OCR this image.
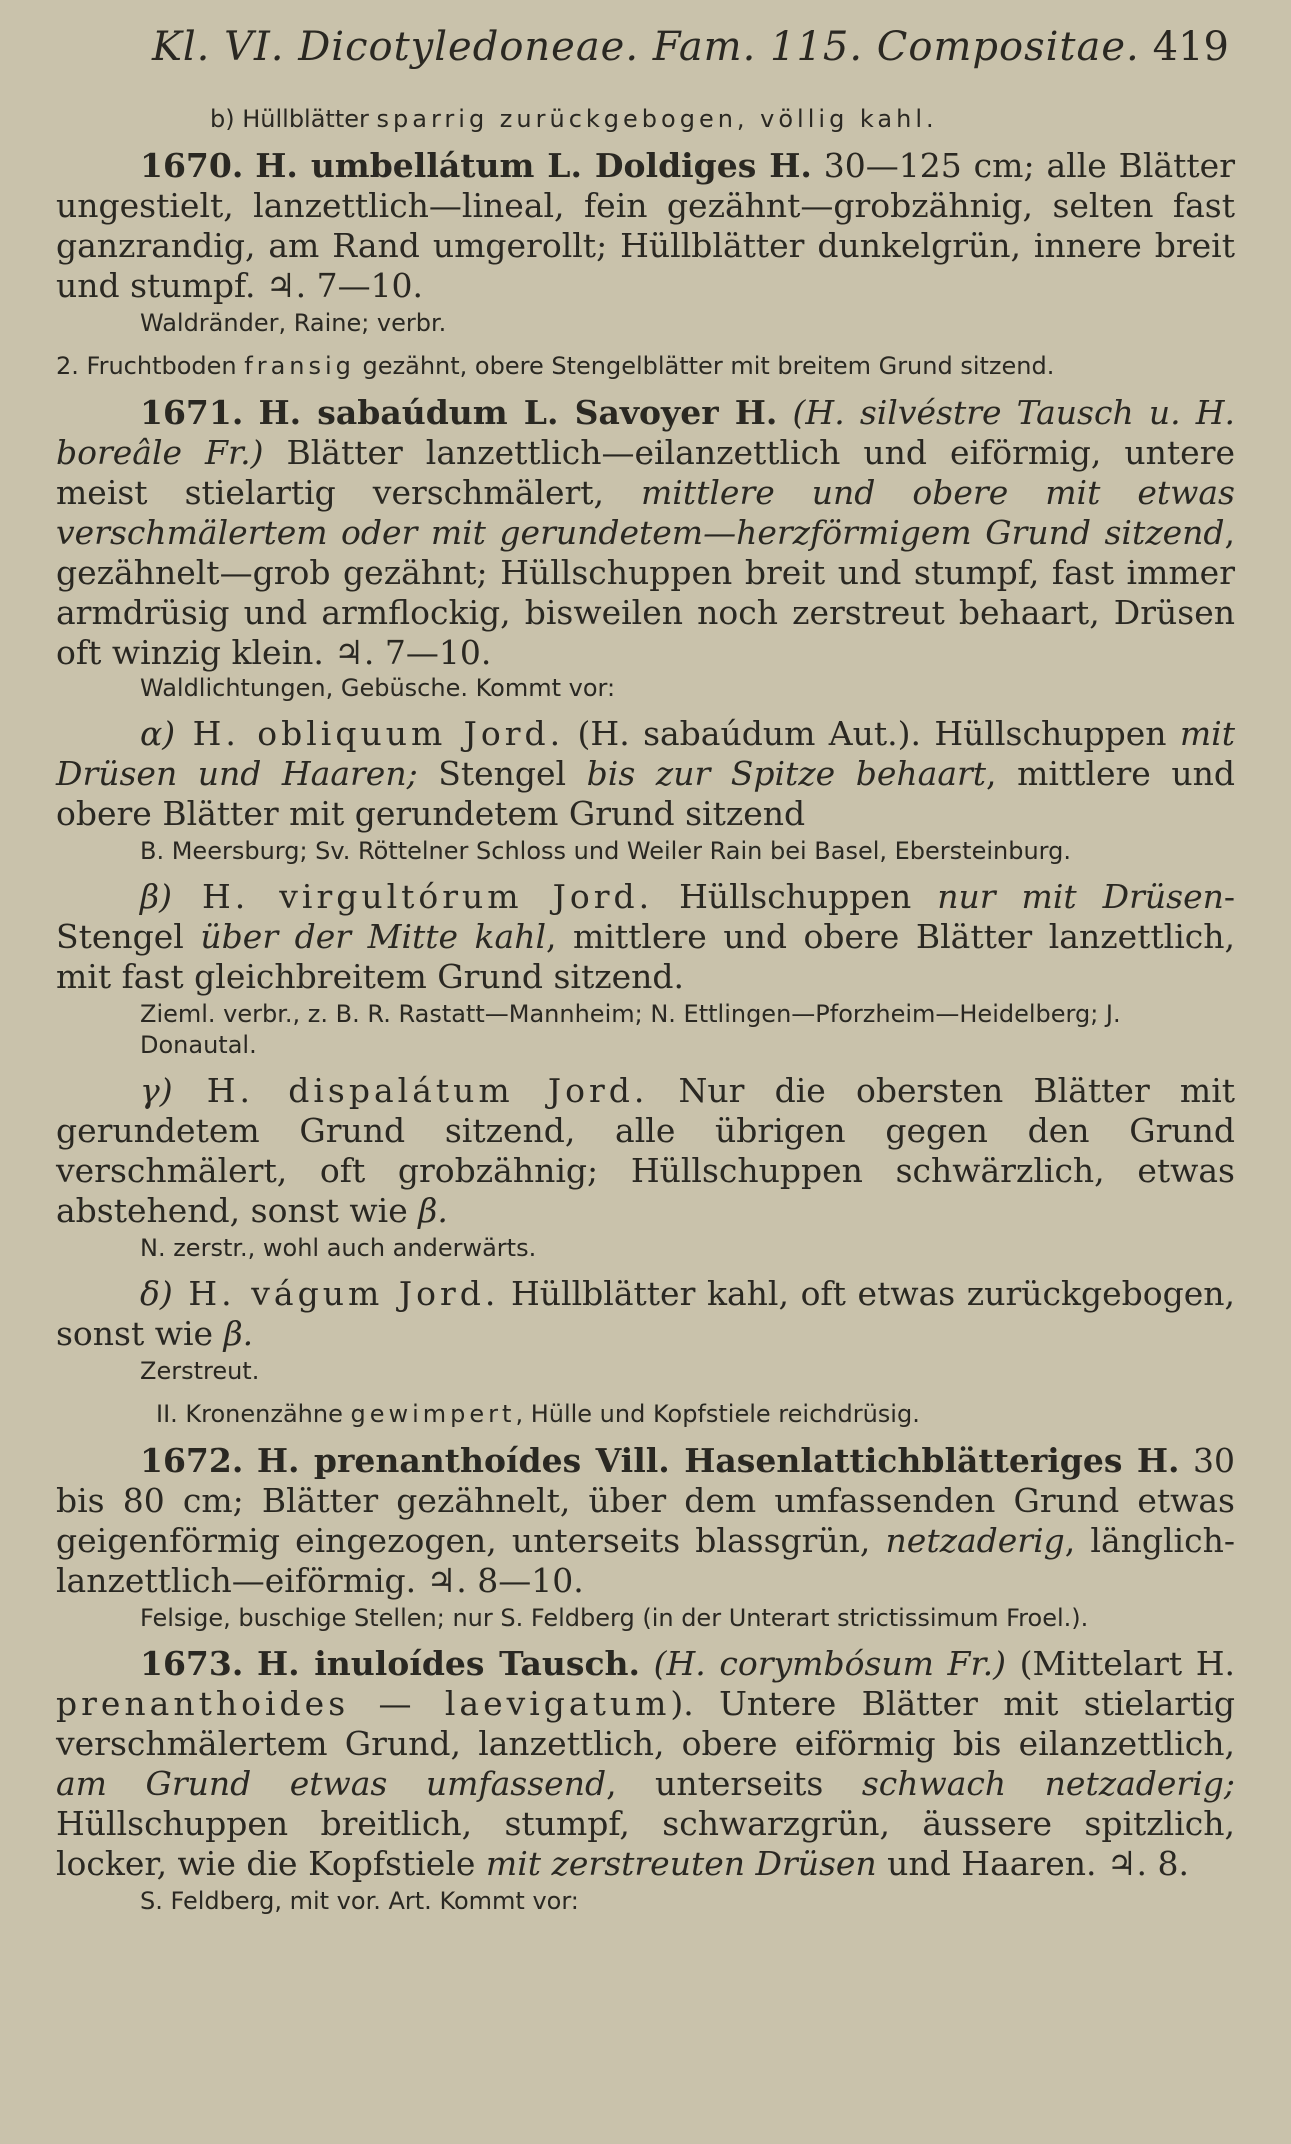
Kl. VI. Dicotyledoneae. Fam. 115. Compositae. 419

b) Hüllblätter sparrig zurückgebogen, völlig kahl.

1670. H. umbellátum L. Doldiges H. 30—125 cm; alle Blätter ungestielt, lanzettlich—lineal, fein gezähnt—grobzähnig, selten fast ganzrandig, am Rand umgerollt; Hüllblätter dunkelgrün, innere breit und stumpf. ♃. 7—10.

Waldränder, Raine; verbr.

2. Fruchtboden fransig gezähnt, obere Stengelblätter mit breitem Grund sitzend.

1671. H. sabaúdum L. Savoyer H. (H. silvéstre Tausch u. H. boreâle Fr.) Blätter lanzettlich—eilanzettlich und eiförmig, untere meist stielartig verschmälert, mittlere und obere mit etwas verschmälertem oder mit gerundetem—herzförmigem Grund sitzend, gezähnelt—grob gezähnt; Hüllschuppen breit und stumpf, fast immer armdrüsig und armflockig, bisweilen noch zerstreut behaart, Drüsen oft winzig klein. ♃. 7—10.

Waldlichtungen, Gebüsche. Kommt vor:

α) H. obliquum Jord. (H. sabaúdum Aut.). Hüllschuppen mit Drüsen und Haaren; Stengel bis zur Spitze behaart, mittlere und obere Blätter mit gerundetem Grund sitzend

B. Meersburg; Sv. Röttelner Schloss und Weiler Rain bei Basel, Ebersteinburg.

β) H. virgultórum Jord. Hüllschuppen nur mit Drüsen- Stengel über der Mitte kahl, mittlere und obere Blätter lanzettlich, mit fast gleichbreitem Grund sitzend.

Zieml. verbr., z. B. R. Rastatt—Mannheim; N. Ettlingen—Pforzheim—Heidelberg; J. Donautal.

γ) H. dispalátum Jord. Nur die obersten Blätter mit gerundetem Grund sitzend, alle übrigen gegen den Grund verschmälert, oft grobzähnig; Hüllschuppen schwärzlich, etwas abstehend, sonst wie β.

N. zerstr., wohl auch anderwärts.

δ) H. vágum Jord. Hüllblätter kahl, oft etwas zurückgebogen, sonst wie β.

Zerstreut.

II. Kronenzähne gewimpert, Hülle und Kopfstiele reichdrüsig.

1672. H. prenanthoídes Vill. Hasenlattichblätteriges H. 30 bis 80 cm; Blätter gezähnelt, über dem umfassenden Grund etwas geigenförmig eingezogen, unterseits blassgrün, netzaderig, länglich-lanzettlich—eiförmig. ♃. 8—10.

Felsige, buschige Stellen; nur S. Feldberg (in der Unterart strictissimum Froel.).

1673. H. inuloídes Tausch. (H. corymbósum Fr.) (Mittelart H. prenanthoides — laevigatum). Untere Blätter mit stielartig verschmälertem Grund, lanzettlich, obere eiförmig bis eilanzettlich, am Grund etwas umfassend, unterseits schwach netzaderig; Hüllschuppen breitlich, stumpf, schwarzgrün, äussere spitzlich, locker, wie die Kopfstiele mit zerstreuten Drüsen und Haaren. ♃. 8.

S. Feldberg, mit vor. Art. Kommt vor:
